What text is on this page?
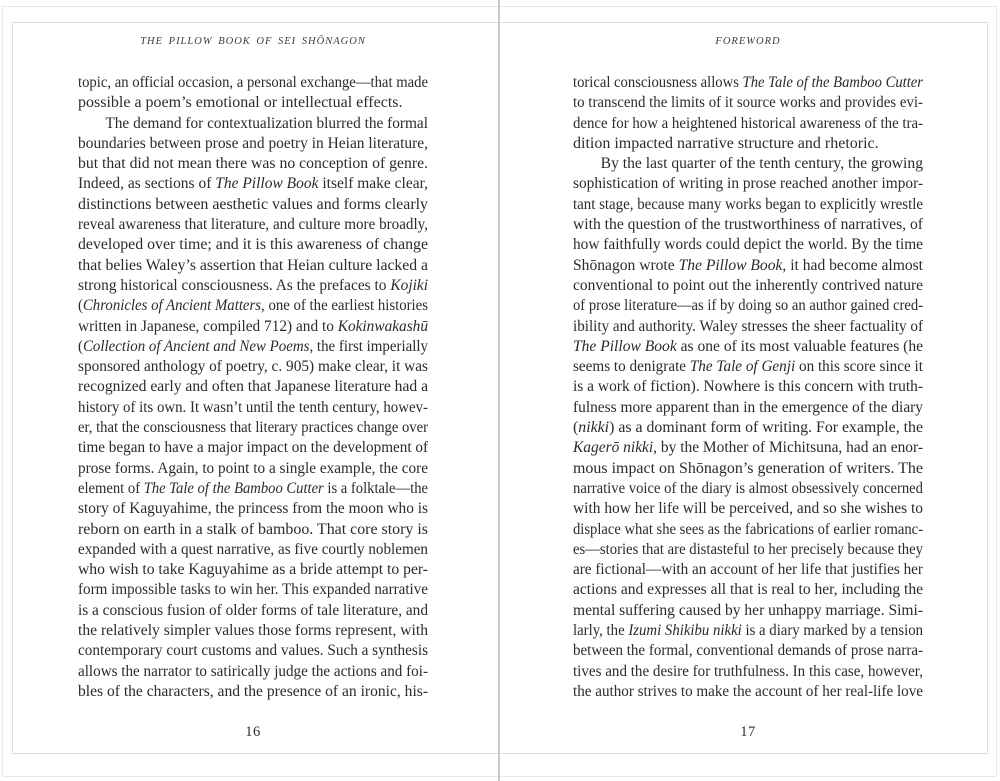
THE PILLOW BOOK OF SEI SHŌNAGON
topic, an official occasion, a personal exchange—that made
possible a poem’s emotional or intellectual effects.
The demand for contextualization blurred the formal
boundaries between prose and poetry in Heian literature,
but that did not mean there was no conception of genre.
Indeed, as sections of The Pillow Book itself make clear,
distinctions between aesthetic values and forms clearly
reveal awareness that literature, and culture more broadly,
developed over time; and it is this awareness of change
that belies Waley’s assertion that Heian culture lacked a
strong historical consciousness. As the prefaces to Kojiki
(Chronicles of Ancient Matters, one of the earliest histories
written in Japanese, compiled 712) and to Kokinwakashū
(Collection of Ancient and New Poems, the first imperially
sponsored anthology of poetry, c. 905) make clear, it was
recognized early and often that Japanese literature had a
history of its own. It wasn’t until the tenth century, howev-
er, that the consciousness that literary practices change over
time began to have a major impact on the development of
prose forms. Again, to point to a single example, the core
element of The Tale of the Bamboo Cutter is a folktale—the
story of Kaguyahime, the princess from the moon who is
reborn on earth in a stalk of bamboo. That core story is
expanded with a quest narrative, as five courtly noblemen
who wish to take Kaguyahime as a bride attempt to per-
form impossible tasks to win her. This expanded narrative
is a conscious fusion of older forms of tale literature, and
the relatively simpler values those forms represent, with
contemporary court customs and values. Such a synthesis
allows the narrator to satirically judge the actions and foi-
bles of the characters, and the presence of an ironic, his-
16
FOREWORD
torical consciousness allows The Tale of the Bamboo Cutter
to transcend the limits of it source works and provides evi-
dence for how a heightened historical awareness of the tra-
dition impacted narrative structure and rhetoric.
By the last quarter of the tenth century, the growing
sophistication of writing in prose reached another impor-
tant stage, because many works began to explicitly wrestle
with the question of the trustworthiness of narratives, of
how faithfully words could depict the world. By the time
Shōnagon wrote The Pillow Book, it had become almost
conventional to point out the inherently contrived nature
of prose literature—as if by doing so an author gained cred-
ibility and authority. Waley stresses the sheer factuality of
The Pillow Book as one of its most valuable features (he
seems to denigrate The Tale of Genji on this score since it
is a work of fiction). Nowhere is this concern with truth-
fulness more apparent than in the emergence of the diary
(nikki) as a dominant form of writing. For example, the
Kagerō nikki, by the Mother of Michitsuna, had an enor-
mous impact on Shōnagon’s generation of writers. The
narrative voice of the diary is almost obsessively concerned
with how her life will be perceived, and so she wishes to
displace what she sees as the fabrications of earlier romanc-
es—stories that are distasteful to her precisely because they
are fictional—with an account of her life that justifies her
actions and expresses all that is real to her, including the
mental suffering caused by her unhappy marriage. Simi-
larly, the Izumi Shikibu nikki is a diary marked by a tension
between the formal, conventional demands of prose narra-
tives and the desire for truthfulness. In this case, however,
the author strives to make the account of her real-life love
17
